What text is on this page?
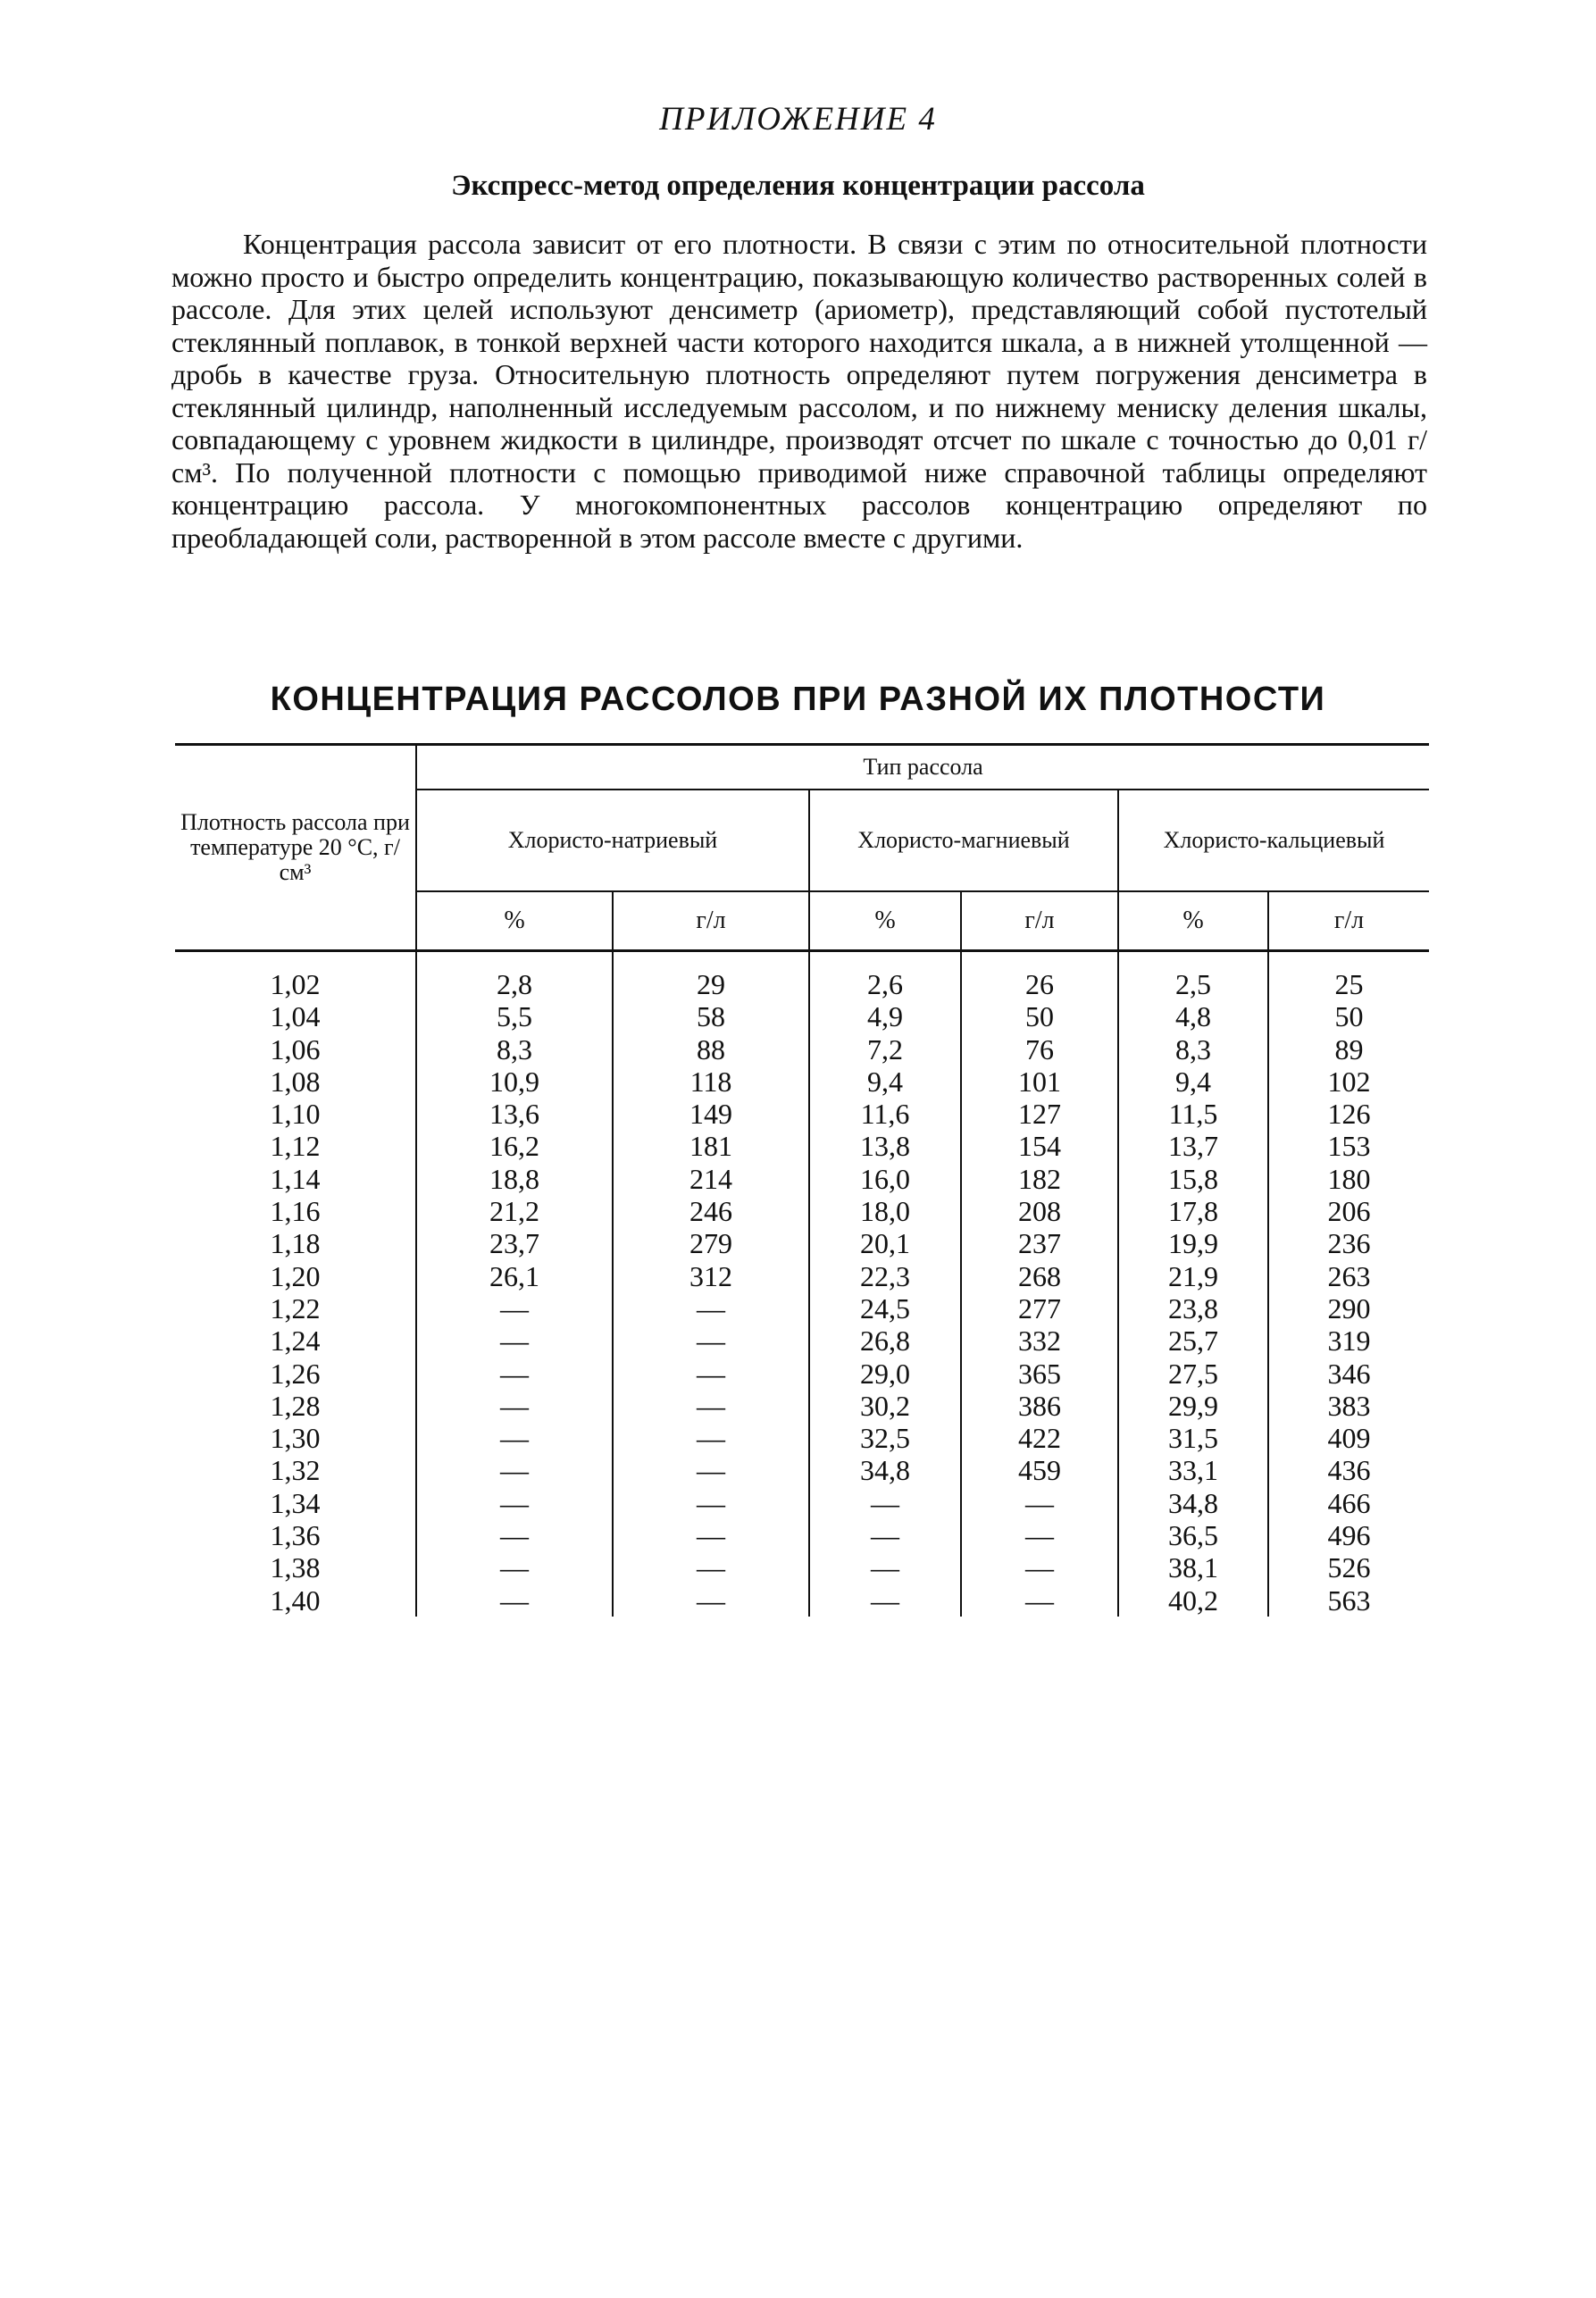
ПРИЛОЖЕНИЕ 4
Экспресс-метод определения концентрации рассола

Концентрация рассола зависит от его плотности. В связи с этим по относительной плотности можно просто и быстро определить концентрацию, показывающую количество растворенных солей в рассоле. Для этих целей используют денсиметр (ариометр), представляющий собой пустотелый стеклянный поплавок, в тонкой верхней части которого находится шкала, а в нижней утолщенной — дробь в качестве груза. Относительную плотность определяют путем погружения денсиметра в стеклянный цилиндр, наполненный исследуемым рассолом, и по нижнему мениску деления шкалы, совпадающему с уровнем жидкости в цилиндре, производят отсчет по шкале с точностью до 0,01 г/см³. По полученной плотности с помощью приводимой ниже справочной таблицы определяют концентрацию рассола. У многокомпонентных рассолов концентрацию определяют по преобладающей соли, растворенной в этом рассоле вместе с другими.

КОНЦЕНТРАЦИЯ РАССОЛОВ ПРИ РАЗНОЙ ИХ ПЛОТНОСТИ
Плотность рассола при температуре 20 °С, г/см³	Тип рассола					
	Хлористо-натриевый		Хлористо-магниевый		Хлористо-кальциевый	
	%	г/л	%	г/л	%	г/л

1,02	2,8	29	2,6	26	2,5	25
1,04	5,5	58	4,9	50	4,8	50
1,06	8,3	88	7,2	76	8,3	89
1,08	10,9	118	9,4	101	9,4	102
1,10	13,6	149	11,6	127	11,5	126
1,12	16,2	181	13,8	154	13,7	153
1,14	18,8	214	16,0	182	15,8	180
1,16	21,2	246	18,0	208	17,8	206
1,18	23,7	279	20,1	237	19,9	236
1,20	26,1	312	22,3	268	21,9	263
1,22	—	—	24,5	277	23,8	290
1,24	—	—	26,8	332	25,7	319
1,26	—	—	29,0	365	27,5	346
1,28	—	—	30,2	386	29,9	383
1,30	—	—	32,5	422	31,5	409
1,32	—	—	34,8	459	33,1	436
1,34	—	—	—	—	34,8	466
1,36	—	—	—	—	36,5	496
1,38	—	—	—	—	38,1	526
1,40	—	—	—	—	40,2	563
